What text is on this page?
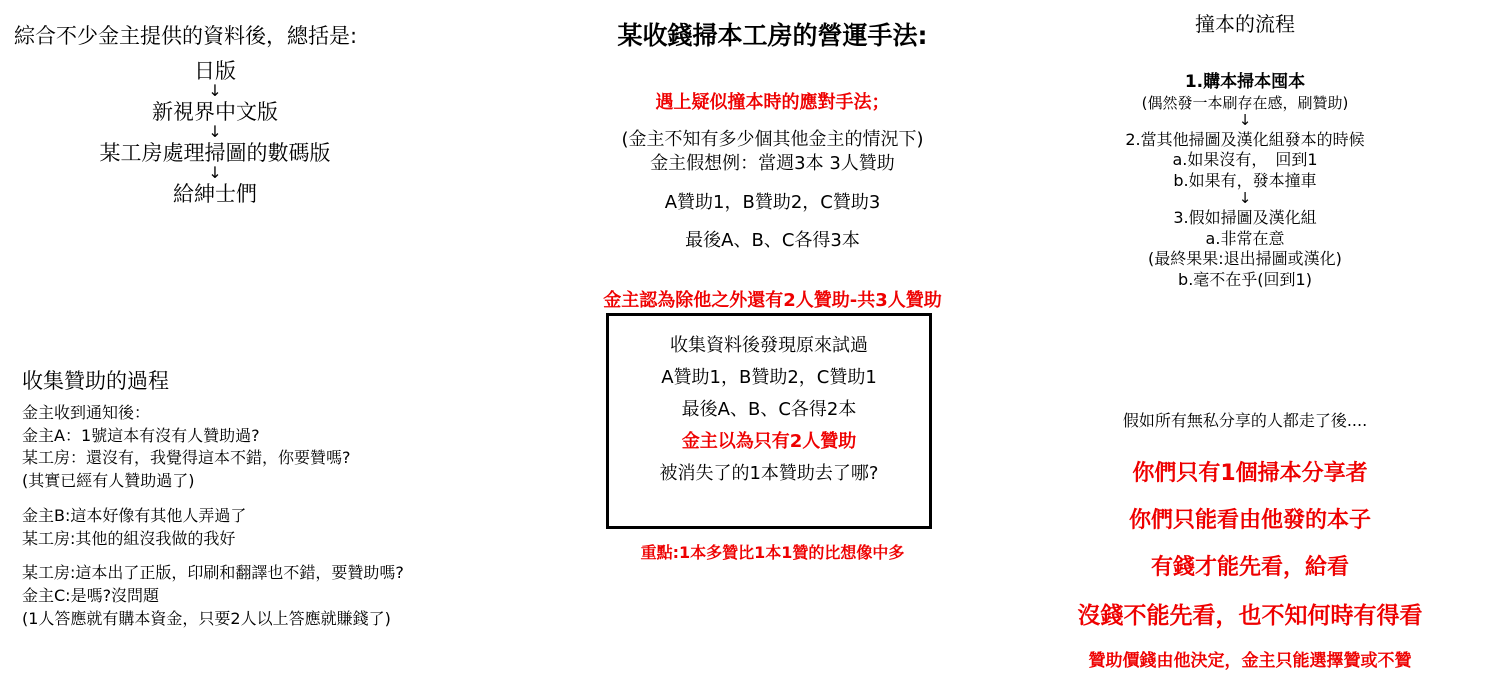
綜合不少金主提供的資料後，總括是:
日版
↓
新視界中文版
↓
某工房處理掃圖的數碼版
↓
給紳士們
收集贊助的過程
金主收到通知後：
金主A：1號這本有沒有人贊助過?
某工房：還沒有，我覺得這本不錯，你要贊嗎?
(其實已經有人贊助過了)
金主B:這本好像有其他人弄過了
某工房:其他的組沒我做的我好
某工房:這本出了正版，印刷和翻譯也不錯，要贊助嗎?
金主C:是嗎?沒問題
(1人答應就有購本資金，只要2人以上答應就賺錢了)
某收錢掃本工房的營運手法:
遇上疑似撞本時的應對手法；
(金主不知有多少個其他金主的情況下)
金主假想例：當週3本 3人贊助
A贊助1，B贊助2，C贊助3
最後A、B、C各得3本
金主認為除他之外還有2人贊助-共3人贊助
收集資料後發現原來試過
A贊助1，B贊助2，C贊助1
最後A、B、C各得2本
金主以為只有2人贊助
被消失了的1本贊助去了哪?
重點:1本多贊比1本1贊的比想像中多
撞本的流程
1.購本掃本囤本
(偶然發一本刷存在感，刷贊助)
↓
2.當其他掃圖及漢化組發本的時候
a.如果沒有，　回到1
b.如果有，發本撞車
↓
3.假如掃圖及漢化組
a.非常在意
(最終果果:退出掃圖或漢化)
b.毫不在乎(回到1)
假如所有無私分享的人都走了後....
你們只有1個掃本分享者
你們只能看由他發的本子
有錢才能先看，給看
沒錢不能先看，也不知何時有得看
贊助價錢由他決定，金主只能選擇贊或不贊
